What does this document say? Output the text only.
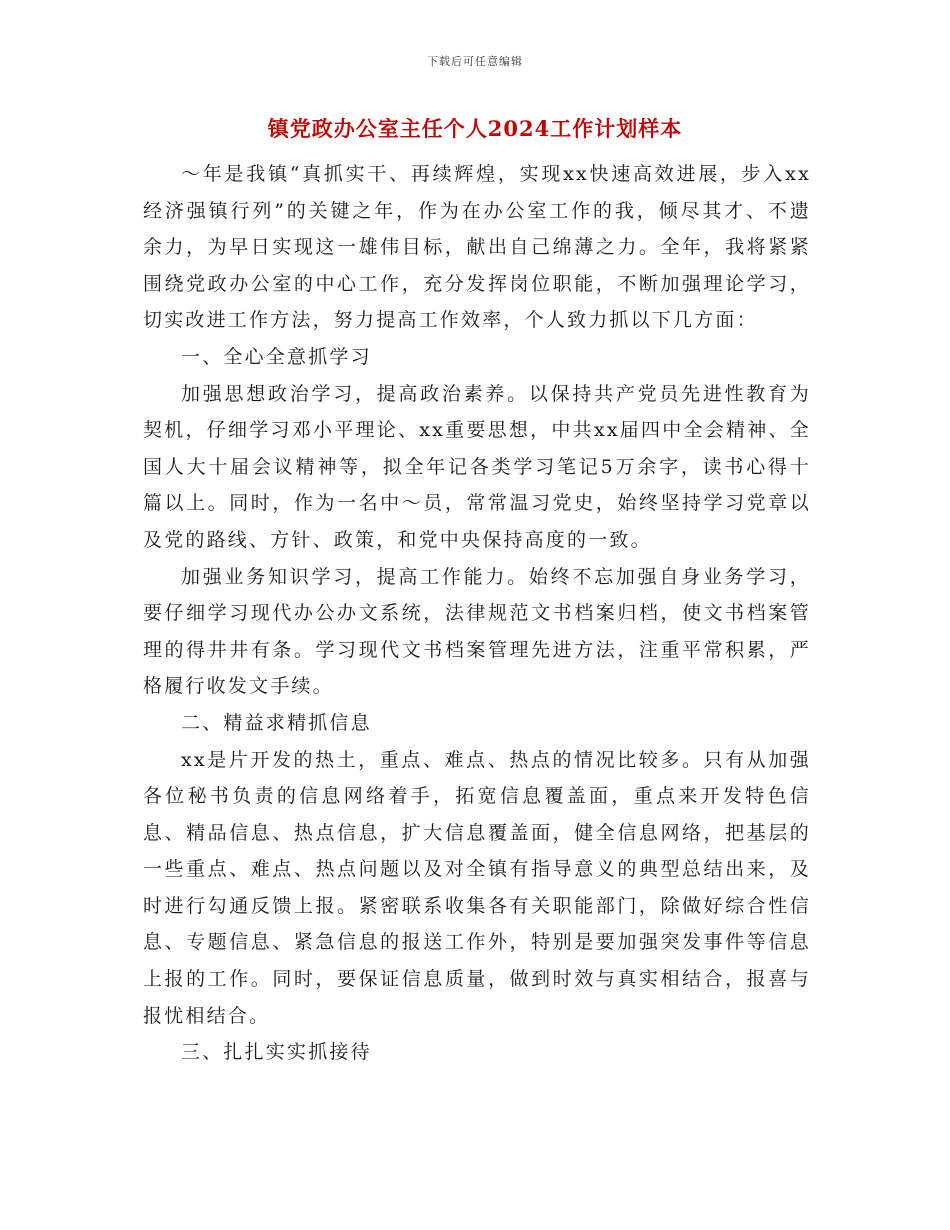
下载后可任意编辑
镇党政办公室主任个人2024工作计划样本

～年是我镇“真抓实干、再续辉煌，实现xx快速高效进展，步入xx经济强镇行列”的关键之年，作为在办公室工作的我，倾尽其才、不遗余力，为早日实现这一雄伟目标，献出自己绵薄之力。全年，我将紧紧围绕党政办公室的中心工作，充分发挥岗位职能，不断加强理论学习，切实改进工作方法，努力提高工作效率，个人致力抓以下几方面：

一、全心全意抓学习

加强思想政治学习，提高政治素养。以保持共产党员先进性教育为契机，仔细学习邓小平理论、xx重要思想，中共xx届四中全会精神、全国人大十届会议精神等，拟全年记各类学习笔记5万余字，读书心得十篇以上。同时，作为一名中～员，常常温习党史，始终坚持学习党章以及党的路线、方针、政策，和党中央保持高度的一致。

加强业务知识学习，提高工作能力。始终不忘加强自身业务学习，要仔细学习现代办公办文系统，法律规范文书档案归档，使文书档案管理的得井井有条。学习现代文书档案管理先进方法，注重平常积累，严格履行收发文手续。

二、精益求精抓信息

xx是片开发的热土，重点、难点、热点的情况比较多。只有从加强各位秘书负责的信息网络着手，拓宽信息覆盖面，重点来开发特色信息、精品信息、热点信息，扩大信息覆盖面，健全信息网络，把基层的一些重点、难点、热点问题以及对全镇有指导意义的典型总结出来，及时进行勾通反馈上报。紧密联系收集各有关职能部门，除做好综合性信息、专题信息、紧急信息的报送工作外，特别是要加强突发事件等信息上报的工作。同时，要保证信息质量，做到时效与真实相结合，报喜与报忧相结合。

三、扎扎实实抓接待
